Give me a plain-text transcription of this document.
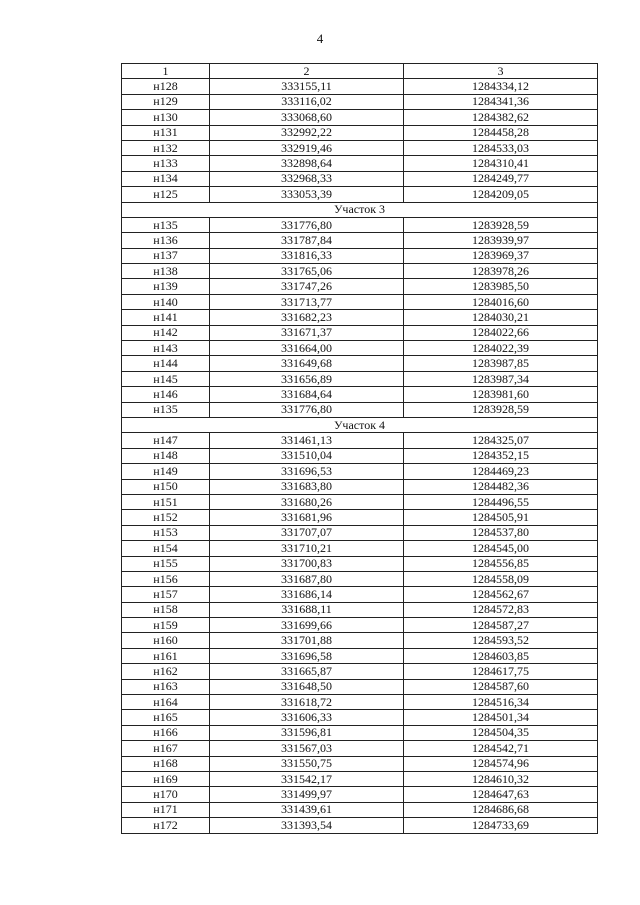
4
1	2	3
н128	333155,11	1284334,12
н129	333116,02	1284341,36
н130	333068,60	1284382,62
н131	332992,22	1284458,28
н132	332919,46	1284533,03
н133	332898,64	1284310,41
н134	332968,33	1284249,77
н125	333053,39	1284209,05
Участок 3		
н135	331776,80	1283928,59
н136	331787,84	1283939,97
н137	331816,33	1283969,37
н138	331765,06	1283978,26
н139	331747,26	1283985,50
н140	331713,77	1284016,60
н141	331682,23	1284030,21
н142	331671,37	1284022,66
н143	331664,00	1284022,39
н144	331649,68	1283987,85
н145	331656,89	1283987,34
н146	331684,64	1283981,60
н135	331776,80	1283928,59
Участок 4		
н147	331461,13	1284325,07
н148	331510,04	1284352,15
н149	331696,53	1284469,23
н150	331683,80	1284482,36
н151	331680,26	1284496,55
н152	331681,96	1284505,91
н153	331707,07	1284537,80
н154	331710,21	1284545,00
н155	331700,83	1284556,85
н156	331687,80	1284558,09
н157	331686,14	1284562,67
н158	331688,11	1284572,83
н159	331699,66	1284587,27
н160	331701,88	1284593,52
н161	331696,58	1284603,85
н162	331665,87	1284617,75
н163	331648,50	1284587,60
н164	331618,72	1284516,34
н165	331606,33	1284501,34
н166	331596,81	1284504,35
н167	331567,03	1284542,71
н168	331550,75	1284574,96
н169	331542,17	1284610,32
н170	331499,97	1284647,63
н171	331439,61	1284686,68
н172	331393,54	1284733,69
